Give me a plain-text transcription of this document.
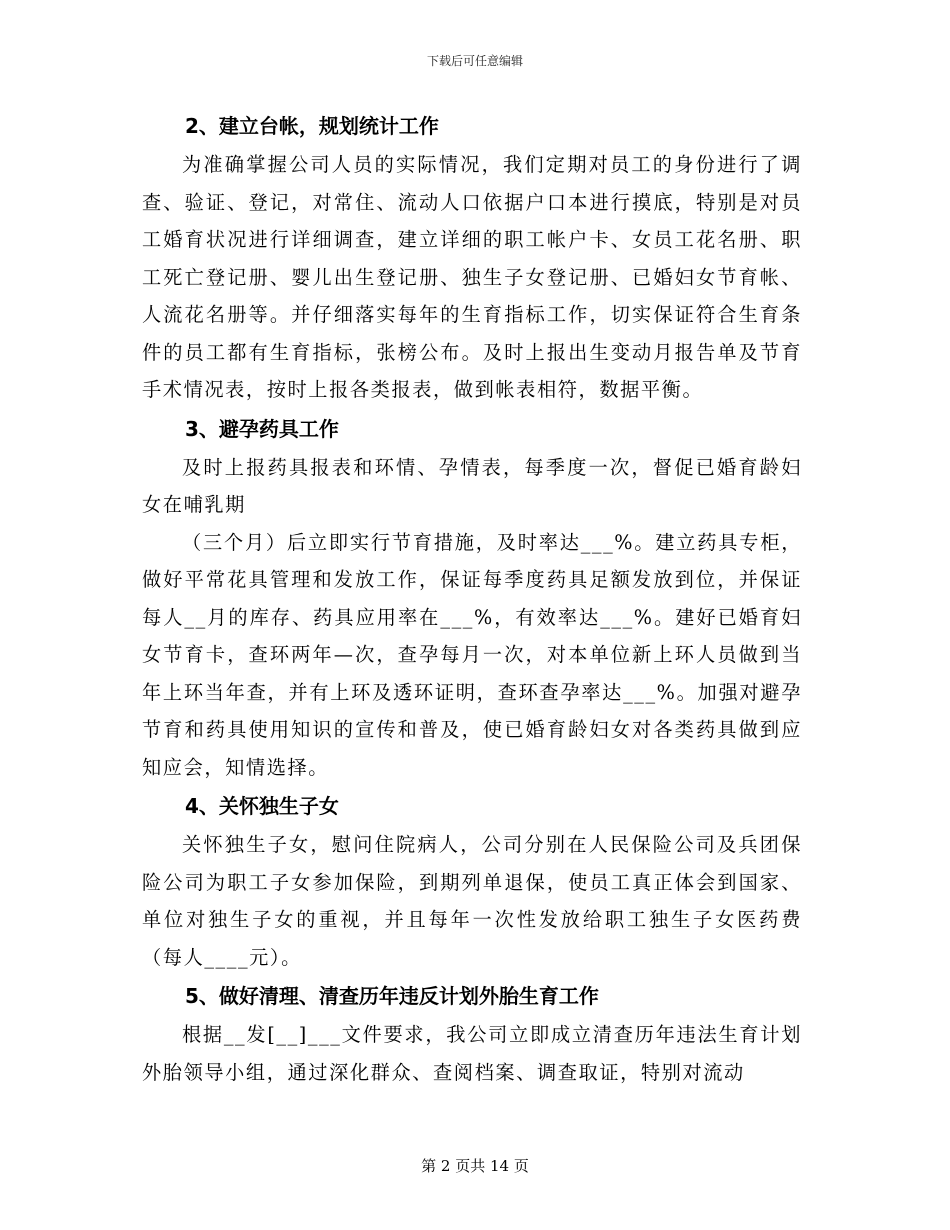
下载后可任意编辑
2、建立台帐，规划统计工作

为准确掌握公司人员的实际情况，我们定期对员工的身份进行了调查、验证、登记，对常住、流动人口依据户口本进行摸底，特别是对员工婚育状况进行详细调查，建立详细的职工帐户卡、女员工花名册、职工死亡登记册、婴儿出生登记册、独生子女登记册、已婚妇女节育帐、人流花名册等。并仔细落实每年的生育指标工作，切实保证符合生育条件的员工都有生育指标，张榜公布。及时上报出生变动月报告单及节育手术情况表，按时上报各类报表，做到帐表相符，数据平衡。

3、避孕药具工作

及时上报药具报表和环情、孕情表，每季度一次，督促已婚育龄妇女在哺乳期

（三个月）后立即实行节育措施，及时率达___%。建立药具专柜，做好平常花具管理和发放工作，保证每季度药具足额发放到位，并保证每人__月的库存、药具应用率在___%，有效率达___%。建好已婚育妇女节育卡，查环两年—次，查孕每月一次，对本单位新上环人员做到当年上环当年查，并有上环及透环证明，查环查孕率达___%。加强对避孕节育和药具使用知识的宣传和普及，使已婚育龄妇女对各类药具做到应知应会，知情选择。

4、关怀独生子女

关怀独生子女，慰问住院病人，公司分别在人民保险公司及兵团保险公司为职工子女参加保险，到期列单退保，使员工真正体会到国家、单位对独生子女的重视，并且每年一次性发放给职工独生子女医药费（每人____元）。

5、做好清理、清查历年违反计划外胎生育工作

根据__发[__]___文件要求，我公司立即成立清查历年违法生育计划外胎领导小组，通过深化群众、查阅档案、调查取证，特别对流动

第 2 页共 14 页
